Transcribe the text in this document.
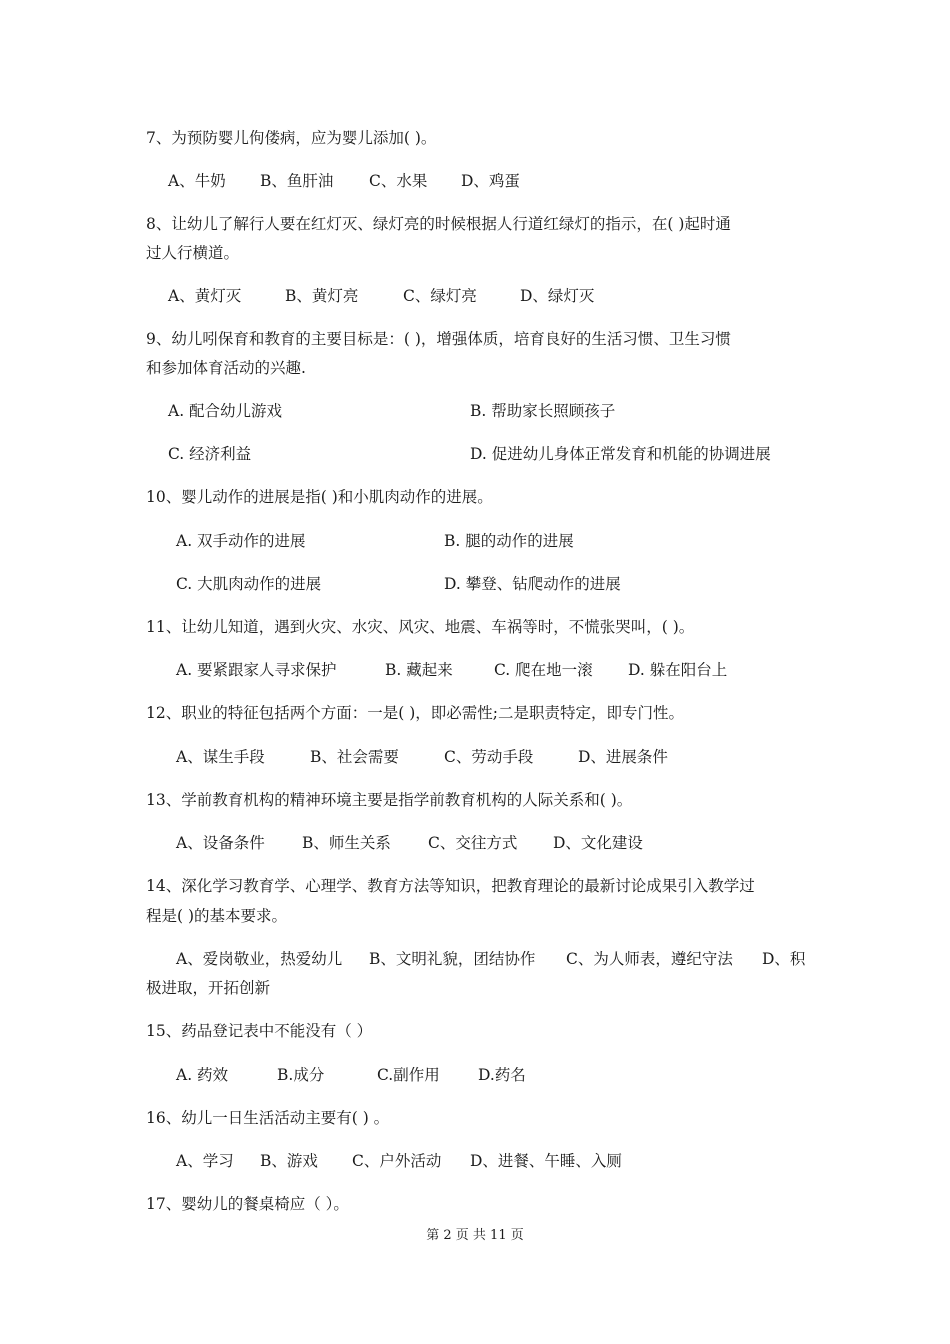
7、为预防婴儿佝偻病，应为婴儿添加( )。
A、牛奶 B、鱼肝油 C、水果 D、鸡蛋
8、让幼儿了解行人要在红灯灭、绿灯亮的时候根据人行道红绿灯的指示，在( )起时通
过人行横道。
A、黄灯灭	B、黄灯亮	C、绿灯亮	D、绿灯灭
9、幼儿吲保育和教育的主要目标是：( )，增强体质，培育良好的生活习惯、卫生习惯
和参加体育活动的兴趣.
A. 配合幼儿游戏	B. 帮助家长照顾孩子
C. 经济利益	D. 促进幼儿身体正常发育和机能的协调进展
10、婴儿动作的进展是指( )和小肌肉动作的进展。
A. 双手动作的进展	B. 腿的动作的进展
C. 大肌肉动作的进展	D. 攀登、钻爬动作的进展
11、让幼儿知道，遇到火灾、水灾、风灾、地震、车祸等时，不慌张哭叫，( )。
A. 要紧跟家人寻求保护	B. 藏起来	C. 爬在地一滚 D. 躲在阳台上
12、职业的特征包括两个方面：一是( )，即必需性;二是职责特定，即专门性。
A、谋生手段	B、社会需要	C、劳动手段	D、进展条件
13、学前教育机构的精神环境主要是指学前教育机构的人际关系和( )。
A、设备条件 B、师生关系 C、交往方式 D、文化建设
14、深化学习教育学、心理学、教育方法等知识，把教育理论的最新讨论成果引入教学过
程是( )的基本要求。
A、爱岗敬业，热爱幼儿 B、文明礼貌，团结协作 C、为人师表，遵纪守法 D、积
极进取，开拓创新
15、药品登记表中不能没有（ ）
A. 药效	B.成分	C.副作用 D.药名
16、幼儿一日生活活动主要有( ) 。
A、学习 B、游戏 C、户外活动 D、进餐、午睡、入厕
17、婴幼儿的餐桌椅应（ ）。
第 2 页 共 11 页
